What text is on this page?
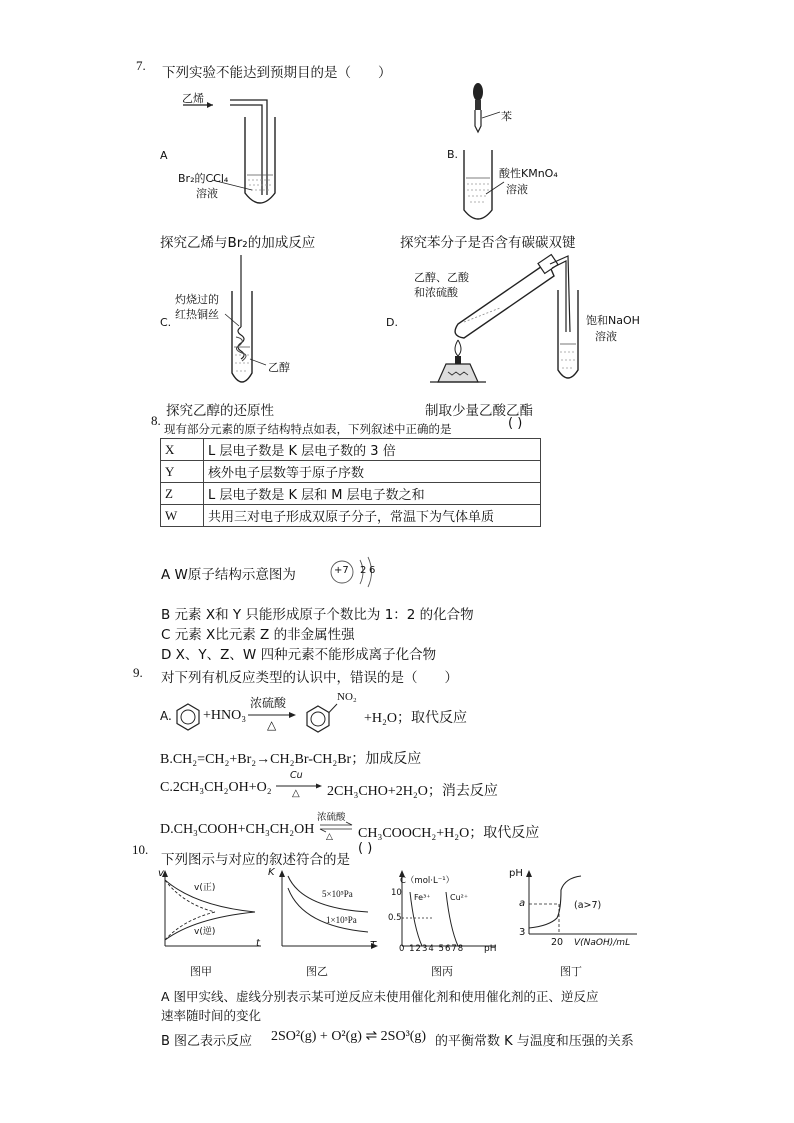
7. 下列实验不能达到预期目的是（　　）
乙烯
A
Br₂的CCl₄
溶液
探究乙烯与Br₂的加成反应
苯
B.
酸性KMnO₄
溶液
探究苯分子是否含有碳碳双键
灼烧过的
红热铜丝
C.
乙醇
探究乙醇的还原性
乙醇、乙酸
和浓硫酸
D.	饱和NaOH
溶液
制取少量乙酸乙酯
8.
现有部分元素的原子结构特点如表，下列叙述中正确的是	( )
X	L 层电子数是 K 层电子数的 3 倍
Y	核外电子层数等于原子序数
Z	L 层电子数是 K 层和 M 层电子数之和
W	共用三对电子形成双原子分子，常温下为气体单质
A W原子结构示意图为	+7 2 6
B 元素 X和 Y 只能形成原子个数比为 1：2 的化合物
C 元素 X比元素 Z 的非金属性强
D X、Y、Z、W 四种元素不能形成离子化合物
9. 对下列有机反应类型的认识中，错误的是（　　）
A. +HNO₃
浓硫酸
△
NO₂
+H₂O；取代反应
B.CH₂=CH₂+Br₂→CH₂Br-CH₂Br；加成反应
C.2CH₃CH₂OH+O₂
Cu
△ 2CH₃CHO+2H₂O；消去反应
D.CH₃COOH+CH₃CH₂OH
浓硫酸
△ CH₃COOCH₂+H₂O；取代反应
10.
下列图示与对应的叙述符合的是
( )
v
t
v(正)
v(逆)
图甲
K
T
5×10⁵Pa
1×10⁵Pa
图乙
C（mol·L⁻¹）
10
0.5
Fe³⁺ Cu²⁺
0 1234 5678 pH
图丙
pH
a
3
(a>7)
20 V(NaOH)/mL
图丁
A 图甲实线、虚线分别表示某可逆反应未使用催化剂和使用催化剂的正、逆反应
速率随时间的变化
B 图乙表示反应 2SO²(g) + O²(g) ⇌ 2SO³(g) 的平衡常数 K 与温度和压强的关系
